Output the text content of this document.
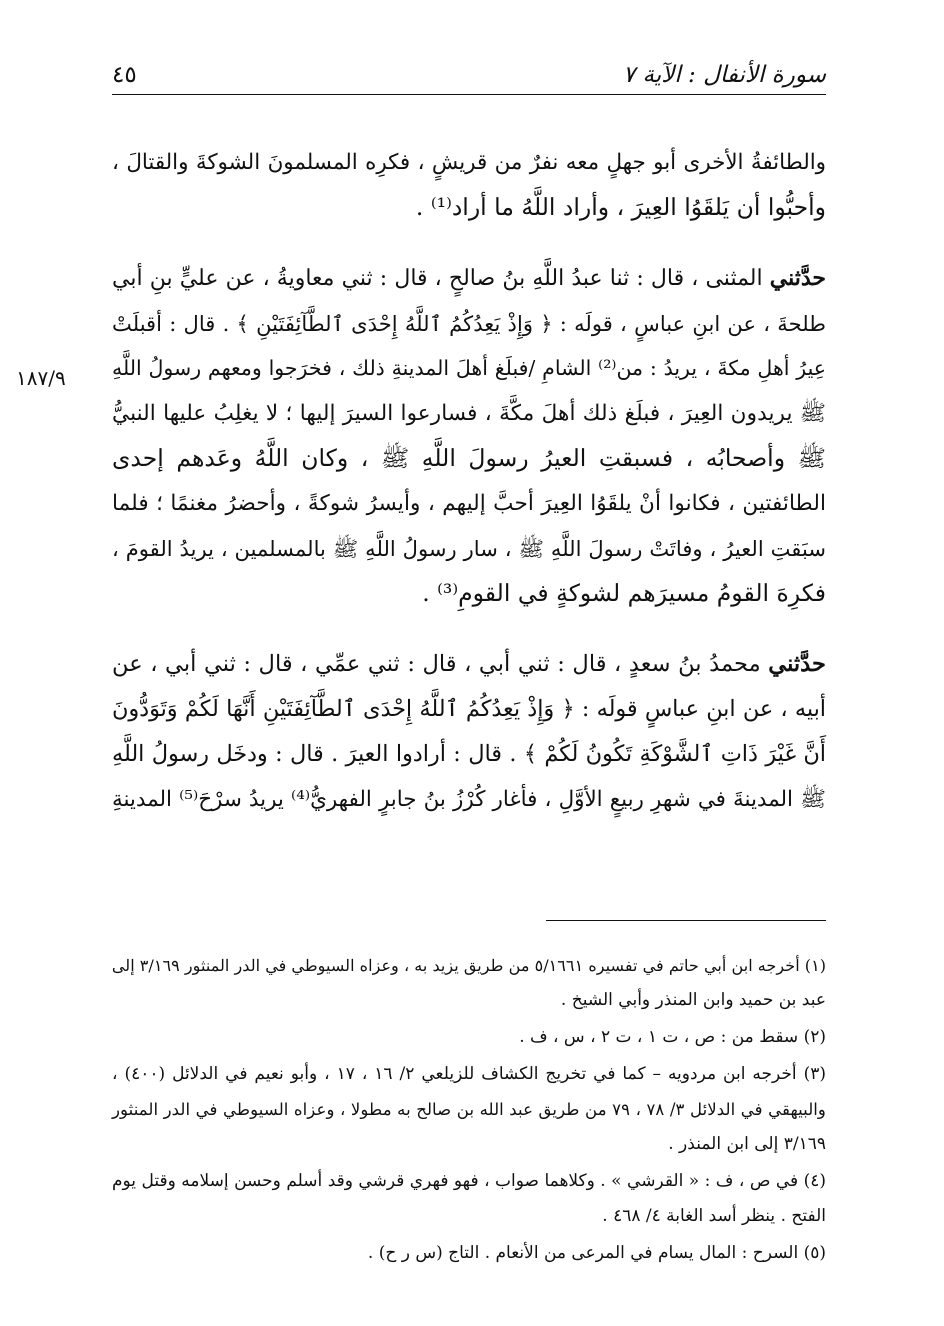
سورة الأنفال : الآية ٧
٤٥
١٨٧/٩

والطائفةُ الأخرى أبو جهلٍ معه نفرٌ من قريشٍ ، فكرِه المسلمونَ الشوكةَ والقتالَ ،
وأحبُّوا أن يَلقَوُا العِيرَ ، وأراد اللَّهُ ما أراد⁽¹⁾ .

حدَّثني المثنى ، قال : ثنا عبدُ اللَّهِ بنُ صالحٍ ، قال : ثني معاويةُ ، عن عليٍّ بنِ أبي
طلحةَ ، عن ابنِ عباسٍ ، قولَه : ﴿ وَإِذْ يَعِدُكُمُ ٱللَّهُ إِحْدَى ٱلطَّآئِفَتَيْنِ ﴾ . قال : أقبلَتْ
عِيرُ أهلِ مكةَ ، يريدُ : من⁽²⁾ الشامِ /فبلَغ أهلَ المدينةِ ذلك ، فخرَجوا ومعهم رسولُ اللَّهِ
ﷺ يريدون العِيرَ ، فبلَغ ذلك أهلَ مكَّةَ ، فسارعوا السيرَ إليها ؛ لا يغلِبُ عليها النبيُّ
ﷺ وأصحابُه ، فسبقتِ العيرُ رسولَ اللَّهِ ﷺ ، وكان اللَّهُ وعَدهم إحدى
الطائفتين ، فكانوا أنْ يلقَوُا العِيرَ أحبَّ إليهم ، وأيسرُ شوكةً ، وأحضرُ مغنمًا ؛ فلما
سبَقتِ العيرُ ، وفاتَتْ رسولَ اللَّهِ ﷺ ، سار رسولُ اللَّهِ ﷺ بالمسلمين ، يريدُ القومَ ،
فكرِهَ القومُ مسيرَهم لشوكةٍ في القومِ⁽³⁾ .

حدَّثني محمدُ بنُ سعدٍ ، قال : ثني أبي ، قال : ثني عمِّي ، قال : ثني أبي ، عن
أبيه ، عن ابنِ عباسٍ قولَه : ﴿ وَإِذْ يَعِدُكُمُ ٱللَّهُ إِحْدَى ٱلطَّآئِفَتَيْنِ أَنَّهَا لَكُمْ وَتَوَدُّونَ
أَنَّ غَيْرَ ذَاتِ ٱلشَّوْكَةِ تَكُونُ لَكُمْ ﴾ . قال : أرادوا العيرَ . قال : ودخَل رسولُ اللَّهِ
ﷺ المدينةَ في شهرِ ربيعٍ الأوَّلِ ، فأغار كُرْزُ بنُ جابرٍ الفهريُّ⁽⁴⁾ يريدُ سرْحَ⁽⁵⁾ المدينةِ

(١) أخرجه ابن أبي حاتم في تفسيره ٥/١٦٦١ من طريق يزيد به ، وعزاه السيوطي في الدر المنثور ٣/١٦٩ إلى
عبد بن حميد وابن المنذر وأبي الشيخ .
(٢) سقط من : ص ، ت ١ ، ت ٢ ، س ، ف .
(٣) أخرجه ابن مردويه – كما في تخريج الكشاف للزيلعي ٢/ ١٦ ، ١٧ ، وأبو نعيم في الدلائل (٤٠٠) ،
والبيهقي في الدلائل ٣/ ٧٨ ، ٧٩ من طريق عبد الله بن صالح به مطولا ، وعزاه السيوطي في الدر المنثور
٣/١٦٩ إلى ابن المنذر .
(٤) في ص ، ف : « القرشي » . وكلاهما صواب ، فهو فهري قرشي وقد أسلم وحسن إسلامه وقتل يوم
الفتح . ينظر أسد الغابة ٤/ ٤٦٨ .
(٥) السرح : المال يسام في المرعى من الأنعام . التاج (س ر ح) .
